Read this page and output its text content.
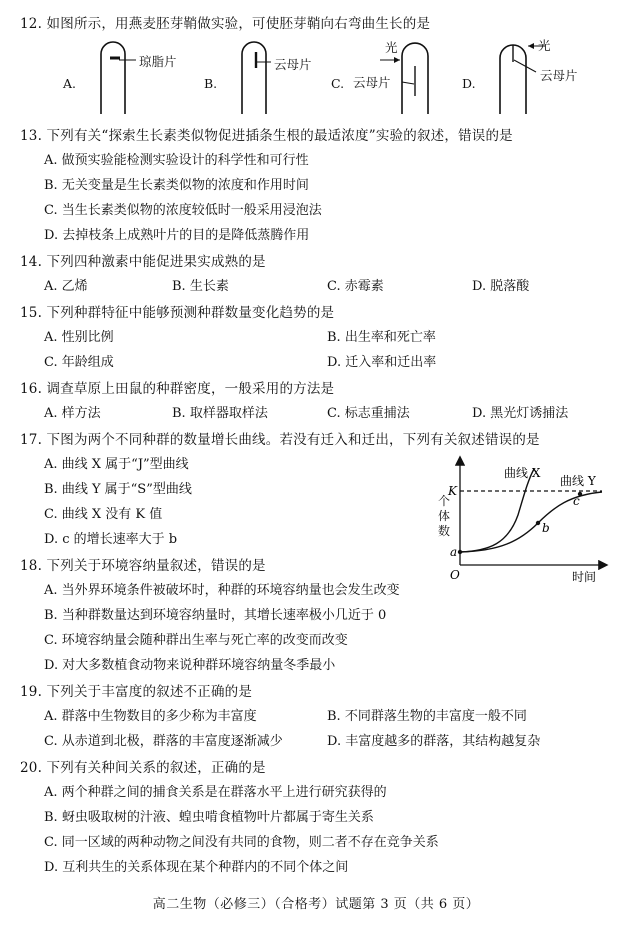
12. 如图所示，用燕麦胚芽鞘做实验，可使胚芽鞘向右弯曲生长的是
A.
琼脂片
B.
云母片
C.
光
云母片	D.
光
云母片
13. 下列有关“探索生长素类似物促进插条生根的最适浓度”实验的叙述，错误的是
A. 做预实验能检测实验设计的科学性和可行性
B. 无关变量是生长素类似物的浓度和作用时间
C. 当生长素类似物的浓度较低时一般采用浸泡法
D. 去掉枝条上成熟叶片的目的是降低蒸腾作用
14. 下列四种激素中能促进果实成熟的是
A. 乙烯	B. 生长素	C. 赤霉素	D. 脱落酸
15. 下列种群特征中能够预测种群数量变化趋势的是
A. 性别比例	B. 出生率和死亡率
C. 年龄组成	D. 迁入率和迁出率
16. 调查草原上田鼠的种群密度，一般采用的方法是
A. 样方法	B. 取样器取样法	C. 标志重捕法	D. 黑光灯诱捕法
17. 下图为两个不同种群的数量增长曲线。若没有迁入和迁出，下列有关叙述错误的是
A. 曲线 X 属于“J”型曲线
B. 曲线 Y 属于“S”型曲线
C. 曲线 X 没有 K 值
D. c 的增长速率大于 b
K
a
O
b
c
曲线 X
曲线 Y
时间
个体数
18. 下列关于环境容纳量叙述，错误的是
A. 当外界环境条件被破坏时，种群的环境容纳量也会发生改变
B. 当种群数量达到环境容纳量时，其增长速率极小几近于 0
C. 环境容纳量会随种群出生率与死亡率的改变而改变
D. 对大多数植食动物来说种群环境容纳量冬季最小
19. 下列关于丰富度的叙述不正确的是
A. 群落中生物数目的多少称为丰富度	B. 不同群落生物的丰富度一般不同
C. 从赤道到北极，群落的丰富度逐渐减少	D. 丰富度越多的群落，其结构越复杂
20. 下列有关种间关系的叙述，正确的是
A. 两个种群之间的捕食关系是在群落水平上进行研究获得的
B. 蚜虫吸取树的汁液、蝗虫啃食植物叶片都属于寄生关系
C. 同一区域的两种动物之间没有共同的食物，则二者不存在竞争关系
D. 互利共生的关系体现在某个种群内的不同个体之间
高二生物（必修三）（合格考）试题第 3 页（共 6 页）
